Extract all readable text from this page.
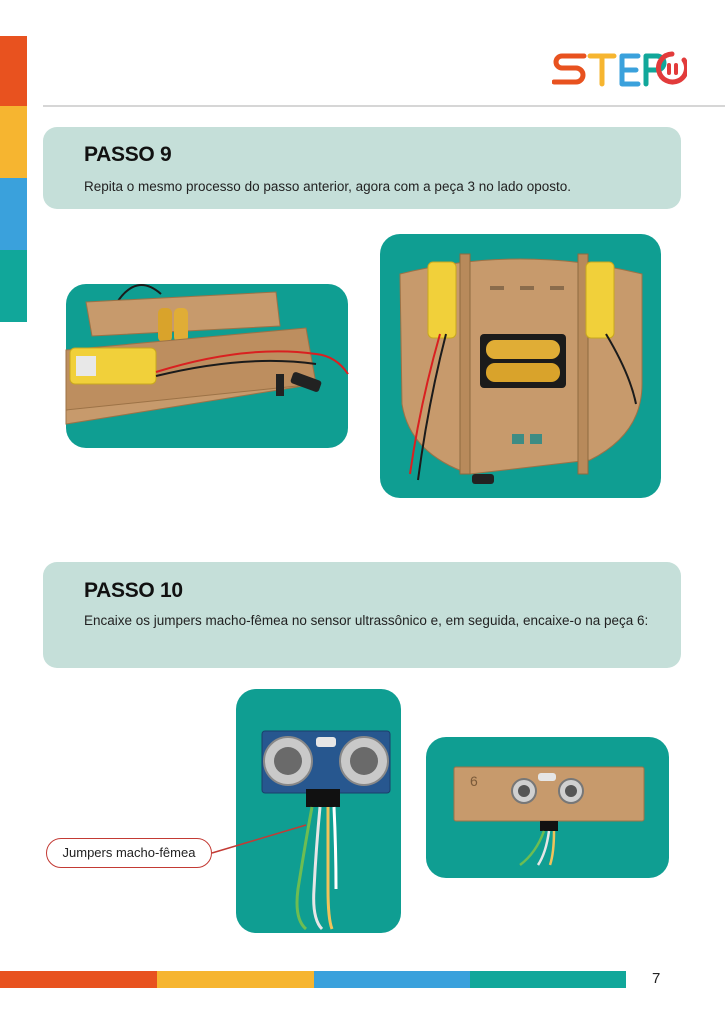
PASSO 9
Repita o mesmo processo do passo anterior, agora com a peça 3 no lado oposto.
PASSO 10
Encaixe os jumpers macho-fêmea no sensor ultrassônico e, em seguida, encaixe-o na peça 6:
6
Jumpers macho-fêmea
7
